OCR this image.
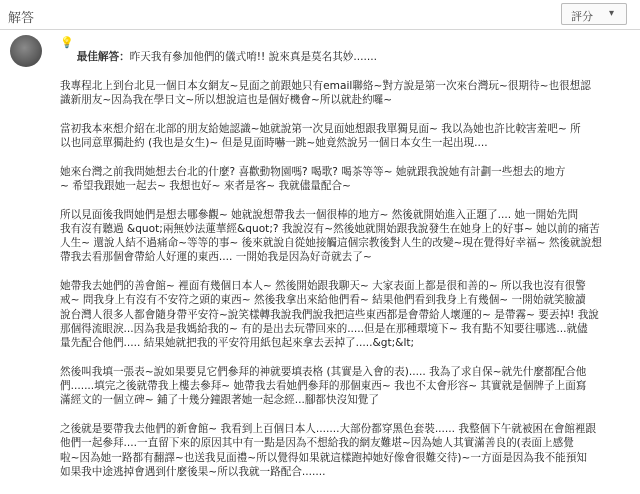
解答	評分 ▾
💡

最佳解答：昨天我有參加他們的儀式唷!! 說來真是莫名其妙.......

我專程北上到台北見一個日本女網友~見面之前跟她只有email聯絡~對方說是第一次來台灣玩~很期待~也很想認
識新朋友~因為我在學日文~所以想說這也是個好機會~所以就赴約囉~
當初我本來想介紹在北部的朋友給她認識~她就說第一次見面她想跟我單獨見面~ 我以為她也許比較害羞吧~ 所
以也同意單獨赴約 (我也是女生)~ 但是見面時嚇一跳~她竟然說另一個日本女生一起出現....
她來台灣之前我問她想去台北的什麼? 喜歡動物園嗎? 喝歌? 喝茶等等~ 她就跟我說她有計劃一些想去的地方
~ 希望我跟她一起去~ 我想也好~ 來者是客~ 我就儘量配合~
所以見面後我問她們是想去哪參觀~ 她就說想帶我去一個很棒的地方~ 然後就開始進入正題了.... 她一開始先問
我有沒有聽過 &quot;兩無妙法蓮華經&quot;? 我說沒有~然後她就開始跟我說發生在她身上的好事~ 她以前的痛苦
人生~ 還說人結不過痛命~等等的事~ 後來就說自從她接觸這個宗教後對人生的改變~現在覺得好幸福~ 然後就說想
帶我去看那個會帶給人好運的東西.... 一開始我是因為好奇就去了~
她帶我去她們的善會館~ 裡面有幾個日本人~ 然後開始跟我聊天~ 大家表面上都是很和善的~ 所以我也沒有很警
戒~ 問我身上有沒有不安符之頭的東西~ 然後我拿出來給他們看~ 結果他們看到我身上有幾個~ 一開始就笑臉讀
說台灣人很多人都會隨身帶平安符~說笑樣轉我說我們說我把這些東西都是會帶給人壞運的~ 是帶霧~ 要丟掉! 我說
那個得流眼淚...因為我是我媽給我的~ 有的是出去玩帶回來的.....但是在那種環境下~ 我有點不知要往哪逃...就儘
量先配合他們..... 結果她就把我的平安符用紙包起來拿去丟掉了.....&gt;&lt;
然後叫我填一張表~說如果要見它們參拜的神就要填表格 (其實是入會的表)..... 我為了求自保~就先什麼都配合他
們.......填完之後就帶我上樓去參拜~ 她帶我去看她們參拜的那個東西~ 我也不太會形容~ 其實就是個牌子上面寫
滿經文的一個立碑~ 鋪了十幾分鐘跟著她一起念經...腳都快沒知覺了
之後就是要帶我去他們的新會館~ 我看到上百個日本人.......大部份都穿黑色套裝...... 我整個下午就被困在會館裡跟
他們一起參拜....一直留下來的原因其中有一點是因為不想給我的網友難堪~因為她人其實滿善良的(表面上感覺
啦~因為她一路都有翻譯~也送我見面禮~所以覺得如果就這樣跑掉她好像會很難交待)~一方面是因為我不能預知
如果我中途逃掉會遇到什麼後果~所以我就一路配合.......
